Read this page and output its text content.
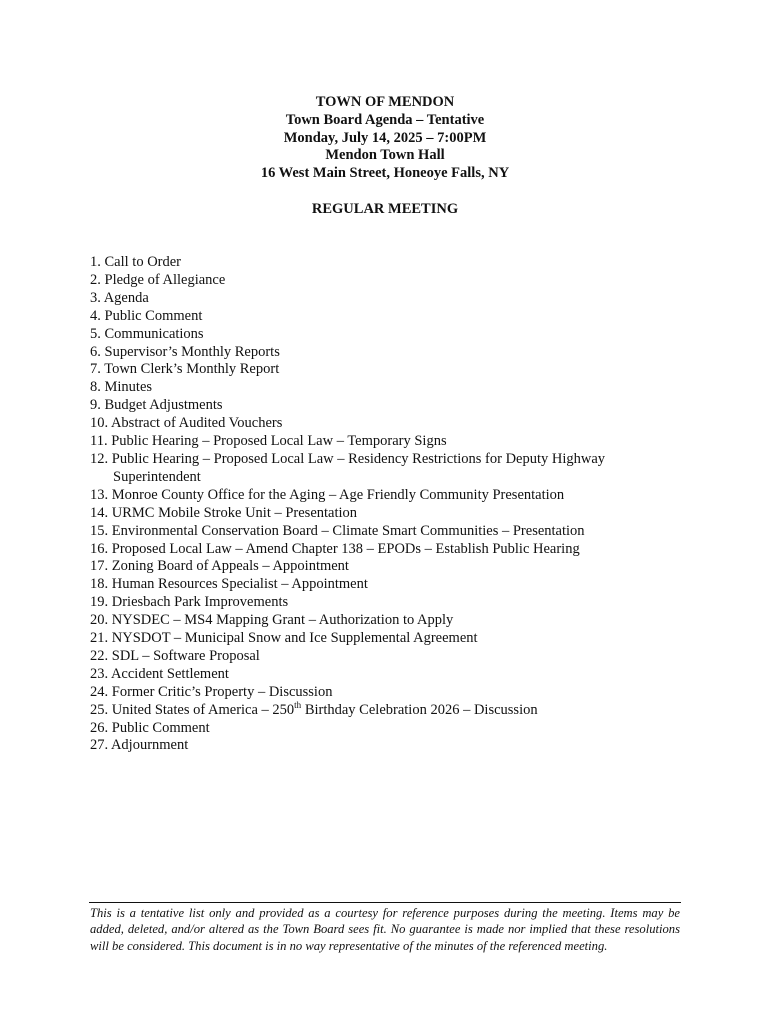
TOWN OF MENDON
Town Board Agenda – Tentative
Monday, July 14, 2025 – 7:00PM
Mendon Town Hall
16 West Main Street, Honeoye Falls, NY
REGULAR MEETING
1. Call to Order
2. Pledge of Allegiance
3. Agenda
4. Public Comment
5. Communications
6. Supervisor’s Monthly Reports
7. Town Clerk’s Monthly Report
8. Minutes
9. Budget Adjustments
10. Abstract of Audited Vouchers
11. Public Hearing – Proposed Local Law – Temporary Signs
12. Public Hearing – Proposed Local Law – Residency Restrictions for Deputy Highway Superintendent
13. Monroe County Office for the Aging – Age Friendly Community Presentation
14. URMC Mobile Stroke Unit – Presentation
15. Environmental Conservation Board – Climate Smart Communities – Presentation
16. Proposed Local Law – Amend Chapter 138 – EPODs – Establish Public Hearing
17. Zoning Board of Appeals – Appointment
18. Human Resources Specialist – Appointment
19. Driesbach Park Improvements
20. NYSDEC – MS4 Mapping Grant – Authorization to Apply
21. NYSDOT – Municipal Snow and Ice Supplemental Agreement
22. SDL – Software Proposal
23. Accident Settlement
24. Former Critic’s Property – Discussion
25. United States of America – 250th Birthday Celebration 2026 – Discussion
26. Public Comment
27. Adjournment

This is a tentative list only and provided as a courtesy for reference purposes during the meeting. Items may be added, deleted, and/or altered as the Town Board sees fit. No guarantee is made nor implied that these resolutions will be considered. This document is in no way representative of the minutes of the referenced meeting.
